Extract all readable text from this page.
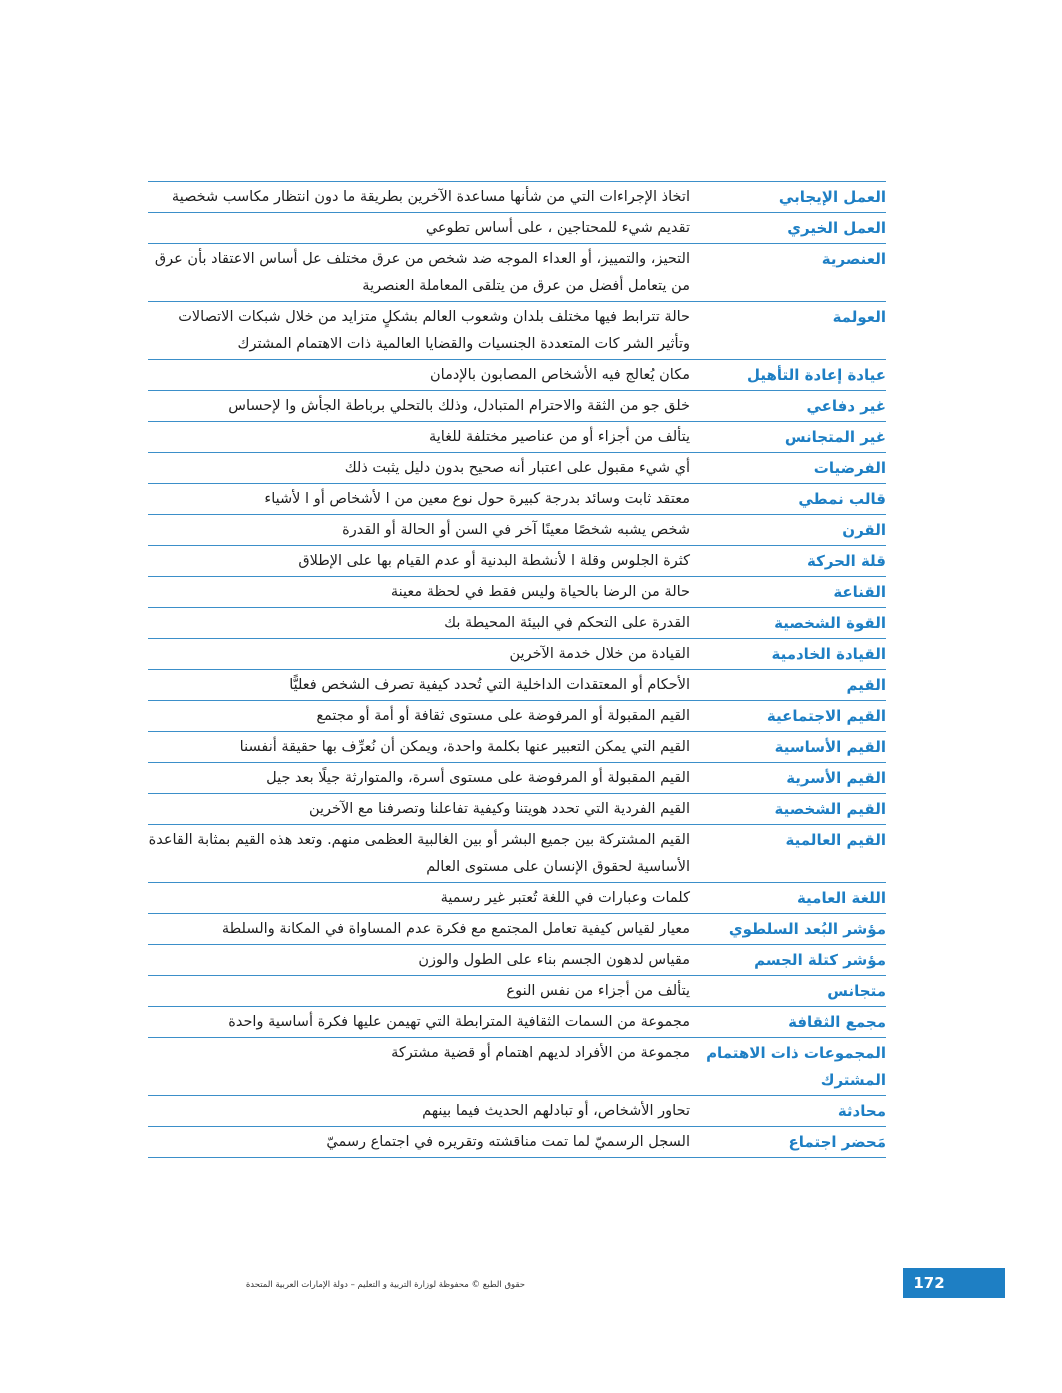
العمل الإيجابي
اتخاذ الإجراءات التي من شأنها مساعدة الآخرين بطريقة ما دون انتظار مكاسب شخصية
العمل الخيري
تقديم شيء للمحتاجين ، على أساس تطوعي
العنصرية
التحيز، والتمييز، أو العداء الموجه ضد شخص من عرق مختلف عل أساس الاعتقاد بأن عرق من يتعامل أفضل من عرق من يتلقى المعاملة العنصرية
العولمة
حالة تترابط فيها مختلف بلدان وشعوب العالم بشكلٍ متزايد من خلال شبكات الاتصالات وتأثير الشر كات المتعددة الجنسيات والقضايا العالمية ذات الاهتمام المشترك
عيادة إعادة التأهيل
مكان يُعالج فيه الأشخاص المصابون بالإدمان
غير دفاعي
خلق جو من الثقة والاحترام المتبادل، وذلك بالتحلي برباطة الجأش وا لإحساس
غير المتجانس
يتألف من أجزاء أو من عناصير مختلفة للغاية
الفرضيات
أي شيء مقبول على اعتبار أنه صحيح بدون دليل يثبت ذلك
قالب نمطي
معتقد ثابت وسائد بدرجة كبيرة حول نوع معين من ا لأشخاص أو ا لأشياء
القرن
شخص يشبه شخصًا معينًا آخر في السن أو الحالة أو القدرة
قلة الحركة
كثرة الجلوس وقلة ا لأنشطة البدنية أو عدم القيام بها على الإطلاق
القناعة
حالة من الرضا بالحياة وليس فقط في لحظة معينة
القوة الشخصية
القدرة على التحكم في البيئة المحيطة بك
القيادة الخادمية
القيادة من خلال خدمة الآخرين
القيم
الأحكام أو المعتقدات الداخلية التي تُحدد كيفية تصرف الشخص فعليًّا
القيم الاجتماعية
القيم المقبولة أو المرفوضة على مستوى ثقافة أو أمة أو مجتمع
القيم الأساسية
القيم التي يمكن التعبير عنها بكلمة واحدة، ويمكن أن نُعرِّف بها حقيقة أنفسنا
القيم الأسرية
القيم المقبولة أو المرفوضة على مستوى أسرة، والمتوارثة جيلًا بعد جيل
القيم الشخصية
القيم الفردية التي تحدد هويتنا وكيفية تفاعلنا وتصرفنا مع الآخرين
القيم العالمية
القيم المشتركة بين جميع البشر أو بين الغالبية العظمى منهم. وتعد هذه القيم بمثابة القاعدة الأساسية لحقوق الإنسان على مستوى العالم
اللغة العامية
كلمات وعبارات في اللغة تُعتبر غير رسمية
مؤشر البُعد السلطوي
معيار لقياس كيفية تعامل المجتمع مع فكرة عدم المساواة في المكانة والسلطة
مؤشر كتلة الجسم
مقياس لدهون الجسم بناء على الطول والوزن
متجانس
يتألف من أجزاء من نفس النوع
مجمع الثقافة
مجموعة من السمات الثقافية المترابطة التي تهيمن عليها فكرة أساسية واحدة
المجموعات ذات الاهتمام المشترك
مجموعة من الأفراد لديهم اهتمام أو قضية مشتركة
محادثة
تحاور الأشخاص، أو تبادلهم الحديث فيما بينهم
مَحضر اجتماع
السجل الرسميّ لما تمت مناقشته وتقريره في اجتماع رسميّ
172
حقوق الطبع © محفوظة لوزارة التربية و التعليم – دولة الإمارات العربية المتحدة
